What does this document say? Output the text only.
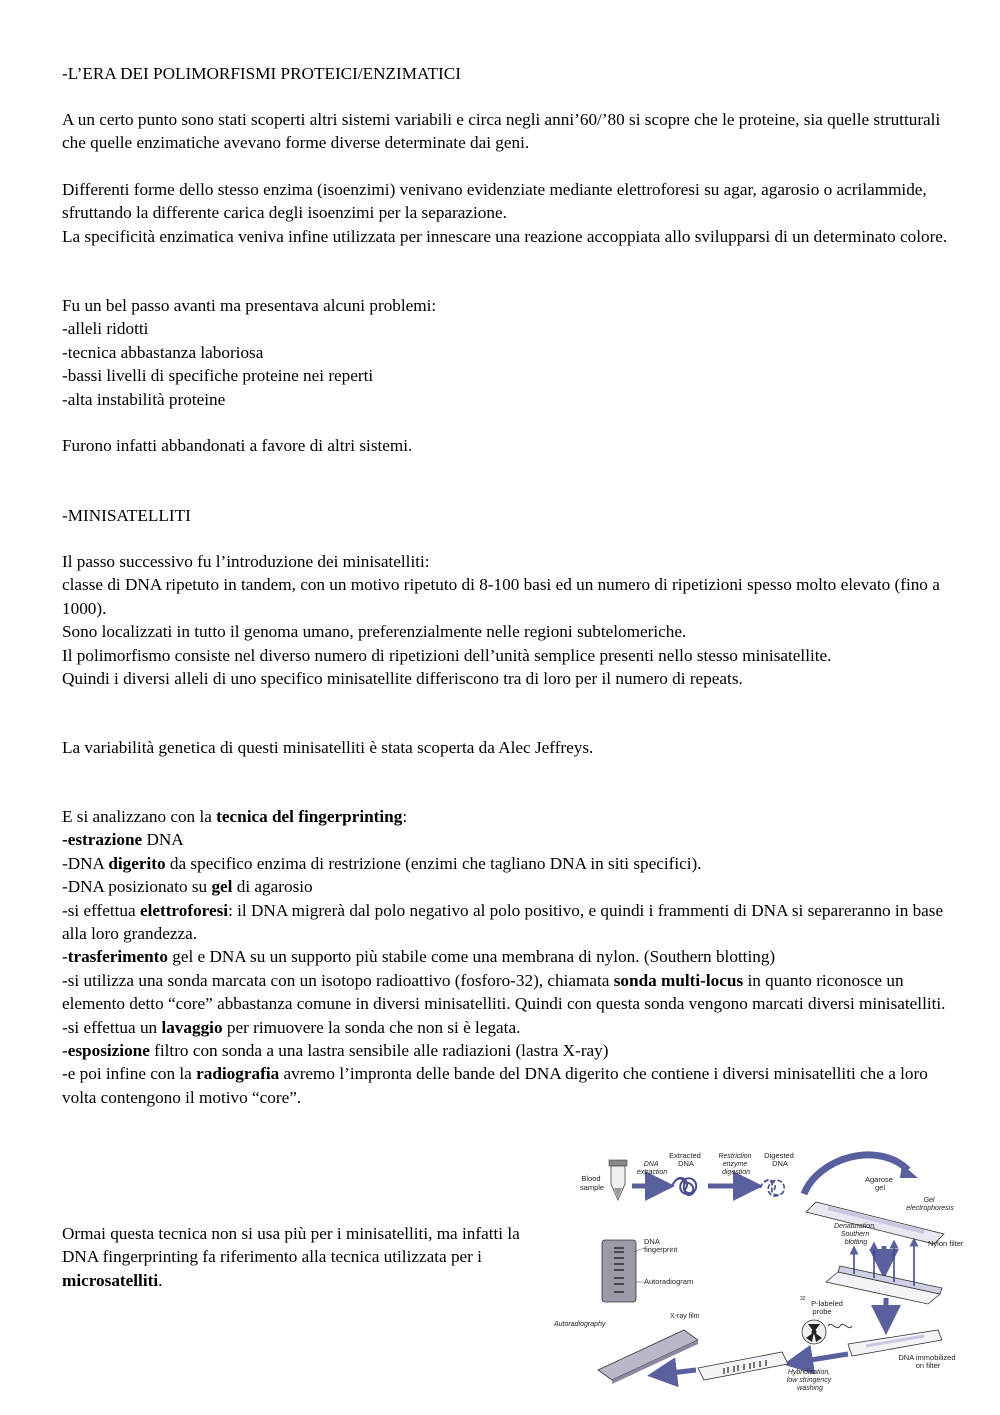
-L’ERA DEI POLIMORFISMI PROTEICI/ENZIMATICI

A un certo punto sono stati scoperti altri sistemi variabili e circa negli anni’60/’80 si scopre che le proteine, sia quelle strutturali che quelle enzimatiche avevano forme diverse determinate dai geni.

Differenti forme dello stesso enzima (isoenzimi) venivano evidenziate mediante elettroforesi su agar, agarosio o acrilammide, sfruttando la differente carica degli isoenzimi per la separazione.

La specificità enzimatica veniva infine utilizzata per innescare una reazione accoppiata allo svilupparsi di un determinato colore.

Fu un bel passo avanti ma presentava alcuni problemi:

-alleli ridotti

-tecnica abbastanza laboriosa

-bassi livelli di specifiche proteine nei reperti

-alta instabilità proteine

Furono infatti abbandonati a favore di altri sistemi.

-MINISATELLITI

Il passo successivo fu l’introduzione dei minisatelliti:

classe di DNA ripetuto in tandem, con un motivo ripetuto di 8-100 basi ed un numero di ripetizioni spesso molto elevato (fino a 1000).

Sono localizzati in tutto il genoma umano, preferenzialmente nelle regioni subtelomeriche.

Il polimorfismo consiste nel diverso numero di ripetizioni dell’unità semplice presenti nello stesso minisatellite.

Quindi i diversi alleli di uno specifico minisatellite differiscono tra di loro per il numero di repeats.

La variabilità genetica di questi minisatelliti è stata scoperta da Alec Jeffreys.

E si analizzano con la tecnica del fingerprinting:

-estrazione DNA

-DNA digerito da specifico enzima di restrizione (enzimi che tagliano DNA in siti specifici).

-DNA posizionato su gel di agarosio

-si effettua elettroforesi: il DNA migrerà dal polo negativo al polo positivo, e quindi i frammenti di DNA si separeranno in base alla loro grandezza.

-trasferimento gel e DNA su un supporto più stabile come una membrana di nylon. (Southern blotting)

-si utilizza una sonda marcata con un isotopo radioattivo (fosforo-32), chiamata sonda multi-locus in quanto riconosce un elemento detto “core” abbastanza comune in diversi minisatelliti. Quindi con questa sonda vengono marcati diversi minisatelliti.

-si effettua un lavaggio per rimuovere la sonda che non si è legata.

-esposizione filtro con sonda a una lastra sensibile alle radiazioni (lastra X-ray)

-e poi infine con la radiografia avremo l’impronta delle bande del DNA digerito che contiene i diversi minisatelliti che a loro volta contengono il motivo “core”.

Ormai questa tecnica non si usa più per i minisatelliti, ma infatti la DNA fingerprinting fa riferimento alla tecnica utilizzata per i microsatelliti.

Blood sample
DNA extraction
Extracted DNA
Restriction enzyme digestion
Digested DNA
Agarose gel
Gel electrophoresis
Denaturation, Southern blotting	Nylon filter
DNA immobilized on filter
32 P-labeled probe
Hybridization, low stringency washing
X-ray film
Autoradiography
DNA fingerprint
Autoradiogram
